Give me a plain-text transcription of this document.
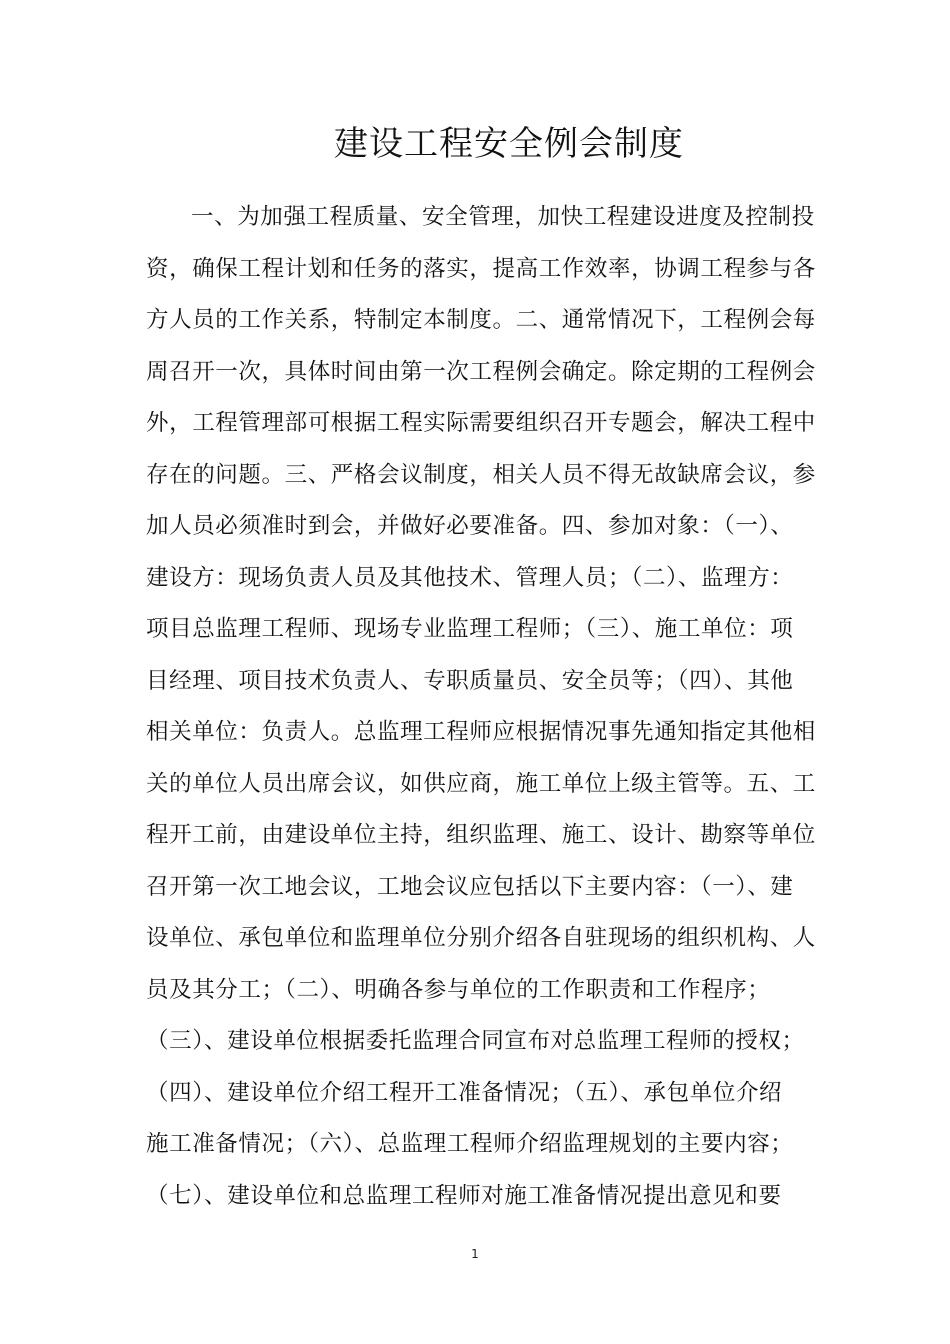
建设工程安全例会制度
一、为加强工程质量、安全管理，加快工程建设进度及控制投
资，确保工程计划和任务的落实，提高工作效率，协调工程参与各
方人员的工作关系，特制定本制度。二、通常情况下，工程例会每
周召开一次，具体时间由第一次工程例会确定。除定期的工程例会
外，工程管理部可根据工程实际需要组织召开专题会，解决工程中
存在的问题。三、严格会议制度，相关人员不得无故缺席会议，参
加人员必须准时到会，并做好必要准备。四、参加对象：（一）、
建设方：现场负责人员及其他技术、管理人员；（二）、监理方：
项目总监理工程师、现场专业监理工程师；（三）、施工单位：项
目经理、项目技术负责人、专职质量员、安全员等；（四）、其他
相关单位：负责人。总监理工程师应根据情况事先通知指定其他相
关的单位人员出席会议，如供应商，施工单位上级主管等。五、工
程开工前，由建设单位主持，组织监理、施工、设计、勘察等单位
召开第一次工地会议，工地会议应包括以下主要内容：（一）、建
设单位、承包单位和监理单位分别介绍各自驻现场的组织机构、人
员及其分工；（二）、明确各参与单位的工作职责和工作程序；
（三）、建设单位根据委托监理合同宣布对总监理工程师的授权；
（四）、建设单位介绍工程开工准备情况；（五）、承包单位介绍
施工准备情况；（六）、总监理工程师介绍监理规划的主要内容；
（七）、建设单位和总监理工程师对施工准备情况提出意见和要
1
